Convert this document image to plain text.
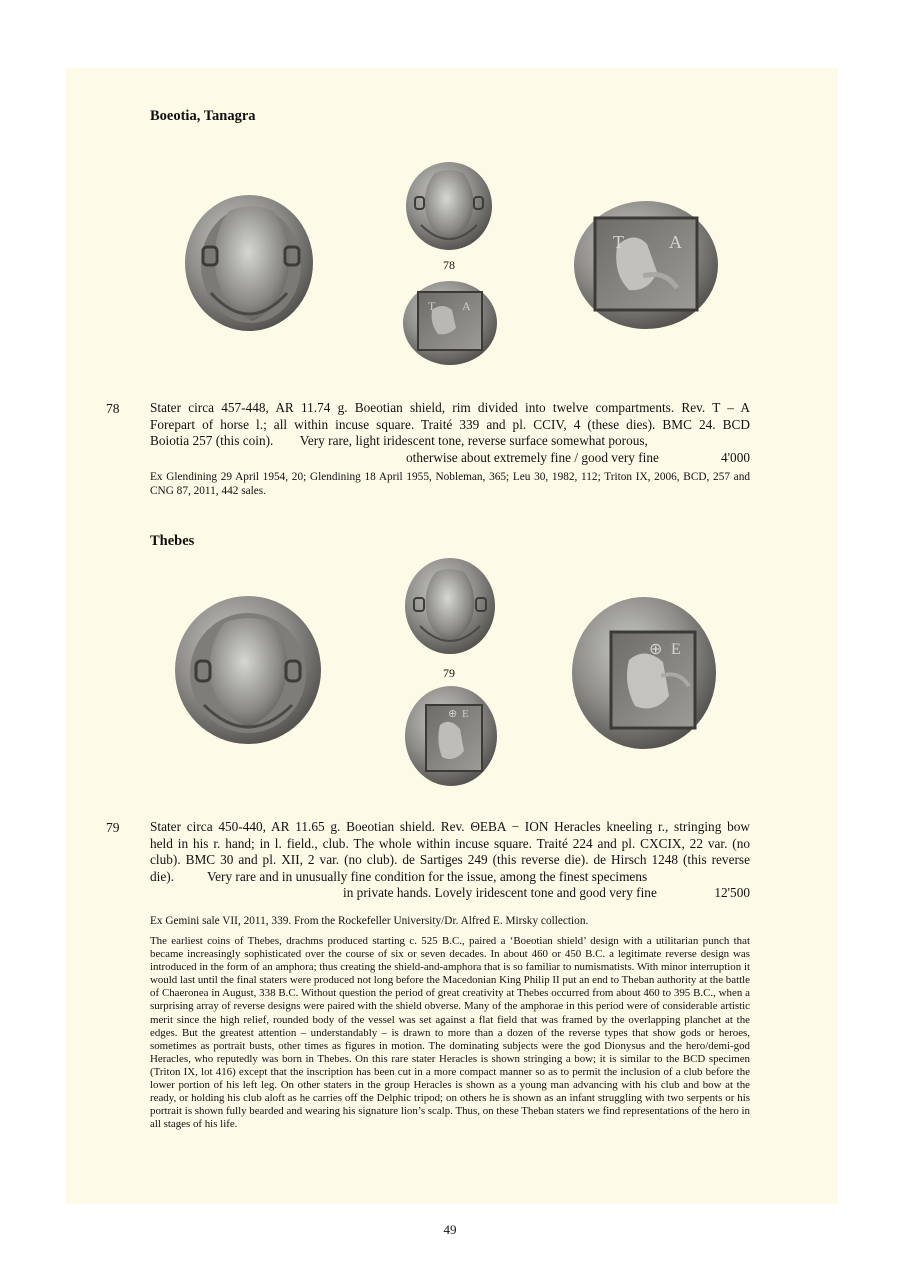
Boeotia, Tanagra
78
T A
T	A
78 Stater circa 457-448, AR 11.74 g. Boeotian shield, rim divided into twelve compartments. Rev. T – A
Forepart of horse l.; all within incuse square. Traité 339 and pl. CCIV, 4 (these dies). BMC 24. BCD
Boiotia 257 (this coin).        Very rare, light iridescent tone, reverse surface somewhat porous,
otherwise about extremely fine / good very fine	4'000
Ex Glendining 29 April 1954, 20; Glendining 18 April 1955, Nobleman, 365; Leu 30, 1982, 112; Triton IX, 2006, BCD, 257 and CNG 87, 2011, 442 sales.
Thebes
79
⊕ E
⊕ E
79 Stater circa 450-440, AR 11.65 g. Boeotian shield. Rev. ΘEBA − ION Heracles kneeling r., stringing bow
held in his r. hand; in l. field., club. The whole within incuse square. Traité 224 and pl. CXCIX, 22 var. (no
club). BMC 30 and pl. XII, 2 var. (no club). de Sartiges 249 (this reverse die). de Hirsch 1248 (this reverse
die).          Very rare and in unusually fine condition for the issue, among the finest specimens
in private hands. Lovely iridescent tone and good very fine	12'500
Ex Gemini sale VII, 2011, 339. From the Rockefeller University/Dr. Alfred E. Mirsky collection.
The earliest coins of Thebes, drachms produced starting c. 525 B.C., paired a ‘Boeotian shield’ design with a utilitarian punch that became increasingly sophisticated over the course of six or seven decades. In about 460 or 450 B.C. a legitimate reverse design was introduced in the form of an amphora; thus creating the shield-and-amphora that is so familiar to numismatists. With minor interruption it would last until the final staters were produced not long before the Macedonian King Philip II put an end to Theban authority at the battle of Chaeronea in August, 338 B.C. Without question the period of great creativity at Thebes occurred from about 460 to 395 B.C., when a surprising array of reverse designs were paired with the shield obverse. Many of the amphorae in this period were of considerable artistic merit since the high relief, rounded body of the vessel was set against a flat field that was framed by the overlapping planchet at the edges. But the greatest attention – understandably – is drawn to more than a dozen of the reverse types that show gods or heroes, sometimes as portrait busts, other times as figures in motion. The dominating subjects were the god Dionysus and the hero/demi-god Heracles, who reputedly was born in Thebes. On this rare stater Heracles is shown stringing a bow; it is similar to the BCD specimen (Triton IX, lot 416) except that the inscription has been cut in a more compact manner so as to permit the inclusion of a club before the lower portion of his left leg. On other staters in the group Heracles is shown as a young man advancing with his club and bow at the ready, or holding his club aloft as he carries off the Delphic tripod; on others he is shown as an infant struggling with two serpents or his portrait is shown fully bearded and wearing his signature lion’s scalp. Thus, on these Theban staters we find representations of the hero in all stages of his life.
49
